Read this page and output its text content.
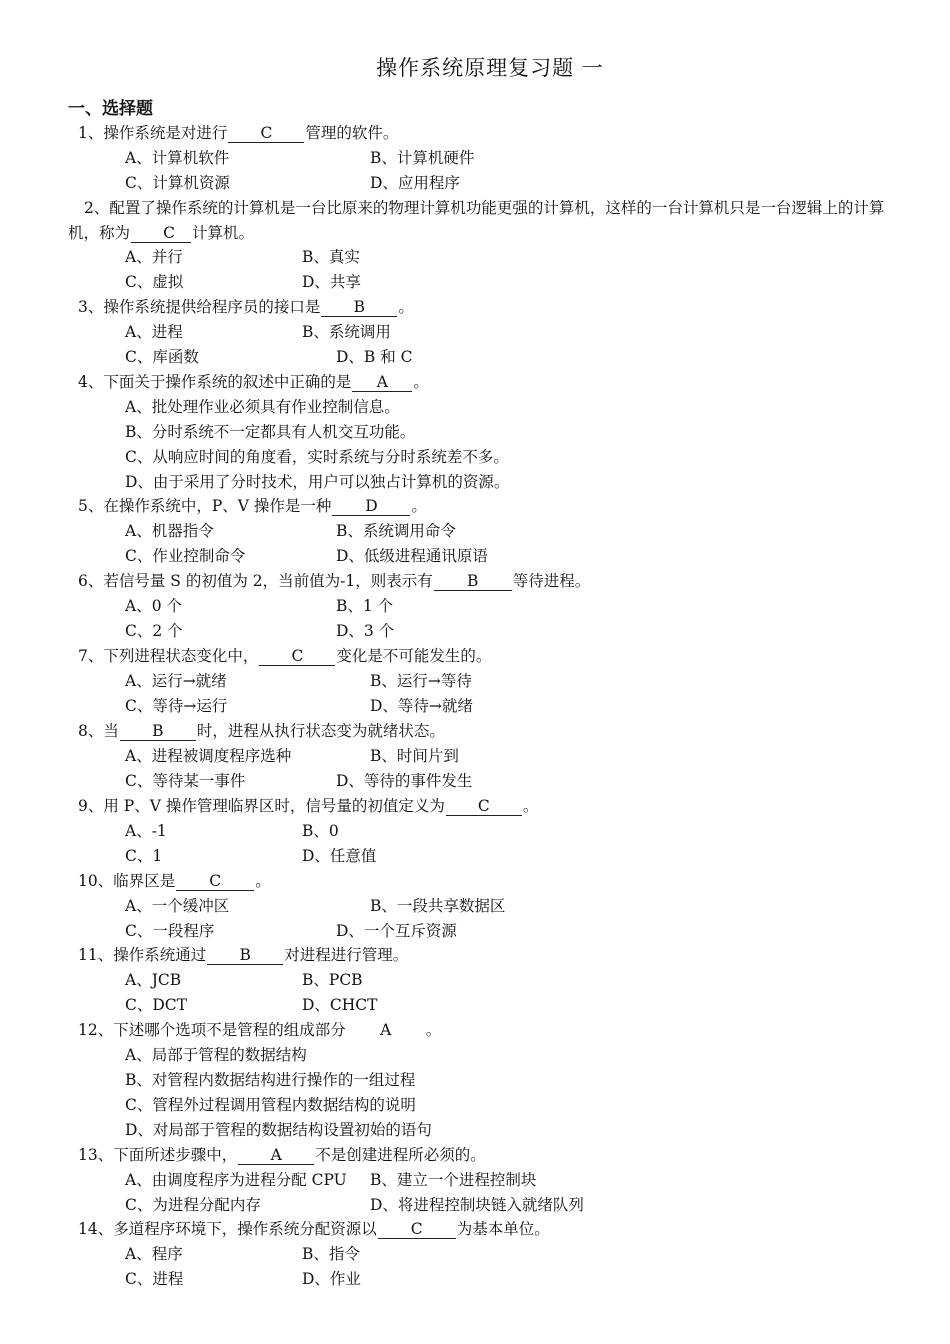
操作系统原理复习题 一
一、选择题
1、操作系统是对进行 C 管理的软件。
A、计算机软件	B、计算机硬件
C、计算机资源	D、应用程序
2、配置了操作系统的计算机是一台比原来的物理计算机功能更强的计算机，这样的一台计算机只是一台逻辑上的计算机，称为 C 计算机。
A、并行	B、真实
C、虚拟	D、共享
3、操作系统提供给程序员的接口是 B 。
A、进程	B、系统调用
C、库函数	D、B 和 C
4、下面关于操作系统的叙述中正确的是 A 。
A、批处理作业必须具有作业控制信息。
B、分时系统不一定都具有人机交互功能。
C、从响应时间的角度看，实时系统与分时系统差不多。
D、由于采用了分时技术，用户可以独占计算机的资源。
5、在操作系统中，P、V 操作是一种 D 。
A、机器指令	B、系统调用命令
C、作业控制命令	D、低级进程通讯原语
6、若信号量 S 的初值为 2，当前值为-1，则表示有 B 等待进程。
A、0 个	B、1 个
C、2 个	D、3 个
7、下列进程状态变化中， C 变化是不可能发生的。
A、运行→就绪	B、运行→等待
C、等待→运行	D、等待→就绪
8、当 B 时，进程从执行状态变为就绪状态。
A、进程被调度程序选种	B、时间片到
C、等待某一事件	D、等待的事件发生
9、用 P、V 操作管理临界区时，信号量的初值定义为 C 。
A、-1	B、0
C、1	D、任意值
10、临界区是 C 。
A、一个缓冲区	B、一段共享数据区
C、一段程序	D、一个互斥资源
11、操作系统通过 B 对进程进行管理。
A、JCB	B、PCB
C、DCT	D、CHCT
12、下述哪个选项不是管程的组成部分 A 。
A、局部于管程的数据结构
B、对管程内数据结构进行操作的一组过程
C、管程外过程调用管程内数据结构的说明
D、对局部于管程的数据结构设置初始的语句
13、下面所述步骤中， A 不是创建进程所必须的。
A、由调度程序为进程分配 CPU B、建立一个进程控制块
C、为进程分配内存	D、将进程控制块链入就绪队列
14、多道程序环境下，操作系统分配资源以 C 为基本单位。
A、程序	B、指令
C、进程	D、作业
